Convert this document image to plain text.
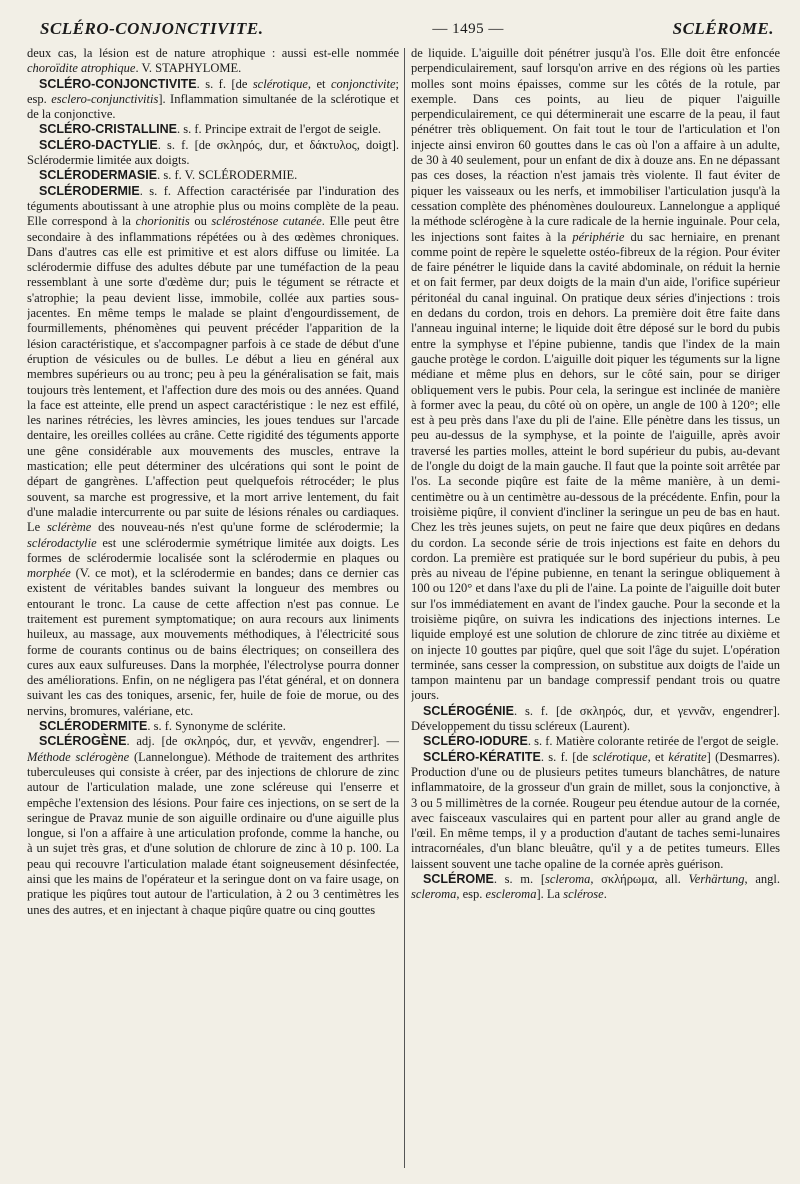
SCLÉRO-CONJONCTIVITE.	— 1495 —	SCLÉROME.

deux cas, la lésion est de nature atrophique : aussi est-elle nommée choroïdite atrophique. V. STAPHYLOME.

SCLÉRO-CONJONCTIVITE. s. f. [de sclérotique, et conjonctivite; esp. esclero-conjunctivitis]. Inflammation simultanée de la sclérotique et de la conjonctive.

SCLÉRO-CRISTALLINE. s. f. Principe extrait de l'ergot de seigle.

SCLÉRO-DACTYLIE. s. f. [de σκληρός, dur, et δάκτυλος, doigt]. Sclérodermie limitée aux doigts.

SCLÉRODERMASIE. s. f. V. SCLÉRODERMIE.

SCLÉRODERMIE. s. f. Affection caractérisée par l'induration des téguments aboutissant à une atrophie plus ou moins complète de la peau. Elle correspond à la chorionitis ou sclérosténose cutanée. Elle peut être secondaire à des inflammations répétées ou à des œdèmes chroniques. Dans d'autres cas elle est primitive et est alors diffuse ou limitée. La sclérodermie diffuse des adultes débute par une tuméfaction de la peau ressemblant à une sorte d'œdème dur; puis le tégument se rétracte et s'atrophie; la peau devient lisse, immobile, collée aux parties sous-jacentes. En même temps le malade se plaint d'engourdissement, de fourmillements, phénomènes qui peuvent précéder l'apparition de la lésion caractéristique, et s'accompagner parfois à ce stade de début d'une éruption de vésicules ou de bulles. Le début a lieu en général aux membres supérieurs ou au tronc; peu à peu la généralisation se fait, mais toujours très lentement, et l'affection dure des mois ou des années. Quand la face est atteinte, elle prend un aspect caractéristique : le nez est effilé, les narines rétrécies, les lèvres amincies, les joues tendues sur l'arcade dentaire, les oreilles collées au crâne. Cette rigidité des téguments apporte une gêne considérable aux mouvements des muscles, entrave la mastication; elle peut déterminer des ulcérations qui sont le point de départ de gangrènes. L'affection peut quelquefois rétrocéder; le plus souvent, sa marche est progressive, et la mort arrive lentement, du fait d'une maladie intercurrente ou par suite de lésions rénales ou cardiaques. Le sclérème des nouveau-nés n'est qu'une forme de sclérodermie; la sclérodactylie est une sclérodermie symétrique limitée aux doigts. Les formes de sclérodermie localisée sont la sclérodermie en plaques ou morphée (V. ce mot), et la sclérodermie en bandes; dans ce dernier cas existent de véritables bandes suivant la longueur des membres ou entourant le tronc. La cause de cette affection n'est pas connue. Le traitement est purement symptomatique; on aura recours aux liniments huileux, au massage, aux mouvements méthodiques, à l'électricité sous forme de courants continus ou de bains électriques; on conseillera des cures aux eaux sulfureuses. Dans la morphée, l'électrolyse pourra donner des améliorations. Enfin, on ne négligera pas l'état général, et on donnera suivant les cas des toniques, arsenic, fer, huile de foie de morue, ou des nervins, bromures, valériane, etc.

SCLÉRODERMITE. s. f. Synonyme de sclérite.

SCLÉROGÈNE. adj. [de σκληρός, dur, et γεννᾶν, engendrer]. — Méthode sclérogène (Lannelongue). Méthode de traitement des arthrites tuberculeuses qui consiste à créer, par des injections de chlorure de zinc autour de l'articulation malade, une zone scléreuse qui l'enserre et empêche l'extension des lésions. Pour faire ces injections, on se sert de la seringue de Pravaz munie de son aiguille ordinaire ou d'une aiguille plus longue, si l'on a affaire à une articulation profonde, comme la hanche, ou à un sujet très gras, et d'une solution de chlorure de zinc à 10 p. 100. La peau qui recouvre l'articulation malade étant soigneusement désinfectée, ainsi que les mains de l'opérateur et la seringue dont on va faire usage, on pratique les piqûres tout autour de l'articulation, à 2 ou 3 centimètres les unes des autres, et en injectant à chaque piqûre quatre ou cinq gouttes

de liquide. L'aiguille doit pénétrer jusqu'à l'os. Elle doit être enfoncée perpendiculairement, sauf lorsqu'on arrive en des régions où les parties molles sont moins épaisses, comme sur les côtés de la rotule, par exemple. Dans ces points, au lieu de piquer l'aiguille perpendiculairement, ce qui déterminerait une escarre de la peau, il faut pénétrer très obliquement. On fait tout le tour de l'articulation et l'on injecte ainsi environ 60 gouttes dans le cas où l'on a affaire à un adulte, de 30 à 40 seulement, pour un enfant de dix à douze ans. En ne dépassant pas ces doses, la réaction n'est jamais très violente. Il faut éviter de piquer les vaisseaux ou les nerfs, et immobiliser l'articulation jusqu'à la cessation complète des phénomènes douloureux. Lannelongue a appliqué la méthode sclérogène à la cure radicale de la hernie inguinale. Pour cela, les injections sont faites à la périphérie du sac herniaire, en prenant comme point de repère le squelette ostéo-fibreux de la région. Pour éviter de faire pénétrer le liquide dans la cavité abdominale, on réduit la hernie et on fait fermer, par deux doigts de la main d'un aide, l'orifice supérieur péritonéal du canal inguinal. On pratique deux séries d'injections : trois en dedans du cordon, trois en dehors. La première doit être faite dans l'anneau inguinal interne; le liquide doit être déposé sur le bord du pubis entre la symphyse et l'épine pubienne, tandis que l'index de la main gauche protège le cordon. L'aiguille doit piquer les téguments sur la ligne médiane et même plus en dehors, sur le côté sain, pour se diriger obliquement vers le pubis. Pour cela, la seringue est inclinée de manière à former avec la peau, du côté où on opère, un angle de 100 à 120°; elle est à peu près dans l'axe du pli de l'aine. Elle pénètre dans les tissus, un peu au-dessus de la symphyse, et la pointe de l'aiguille, après avoir traversé les parties molles, atteint le bord supérieur du pubis, au-devant de l'ongle du doigt de la main gauche. Il faut que la pointe soit arrêtée par l'os. La seconde piqûre est faite de la même manière, à un demi-centimètre ou à un centimètre au-dessous de la précédente. Enfin, pour la troisième piqûre, il convient d'incliner la seringue un peu de bas en haut. Chez les très jeunes sujets, on peut ne faire que deux piqûres en dedans du cordon. La seconde série de trois injections est faite en dehors du cordon. La première est pratiquée sur le bord supérieur du pubis, à peu près au niveau de l'épine pubienne, en tenant la seringue obliquement à 100 ou 120° et dans l'axe du pli de l'aine. La pointe de l'aiguille doit buter sur l'os immédiatement en avant de l'index gauche. Pour la seconde et la troisième piqûre, on suivra les indications des injections internes. Le liquide employé est une solution de chlorure de zinc titrée au dixième et on injecte 10 gouttes par piqûre, quel que soit l'âge du sujet. L'opération terminée, sans cesser la compression, on substitue aux doigts de l'aide un tampon maintenu par un bandage compressif pendant trois ou quatre jours.

SCLÉROGÉNIE. s. f. [de σκληρός, dur, et γεννᾶν, engendrer]. Développement du tissu scléreux (Laurent).

SCLÉRO-IODURE. s. f. Matière colorante retirée de l'ergot de seigle.

SCLÉRO-KÉRATITE. s. f. [de sclérotique, et kératite] (Desmarres). Production d'une ou de plusieurs petites tumeurs blanchâtres, de nature inflammatoire, de la grosseur d'un grain de millet, sous la conjonctive, à 3 ou 5 millimètres de la cornée. Rougeur peu étendue autour de la cornée, avec faisceaux vasculaires qui en partent pour aller au grand angle de l'œil. En même temps, il y a production d'autant de taches semi-lunaires intracornéales, d'un blanc bleuâtre, qu'il y a de petites tumeurs. Elles laissent souvent une tache opaline de la cornée après guérison.

SCLÉROME. s. m. [scleroma, σκλήρωμα, all. Verhärtung, angl. scleroma, esp. escleroma]. La sclérose.
